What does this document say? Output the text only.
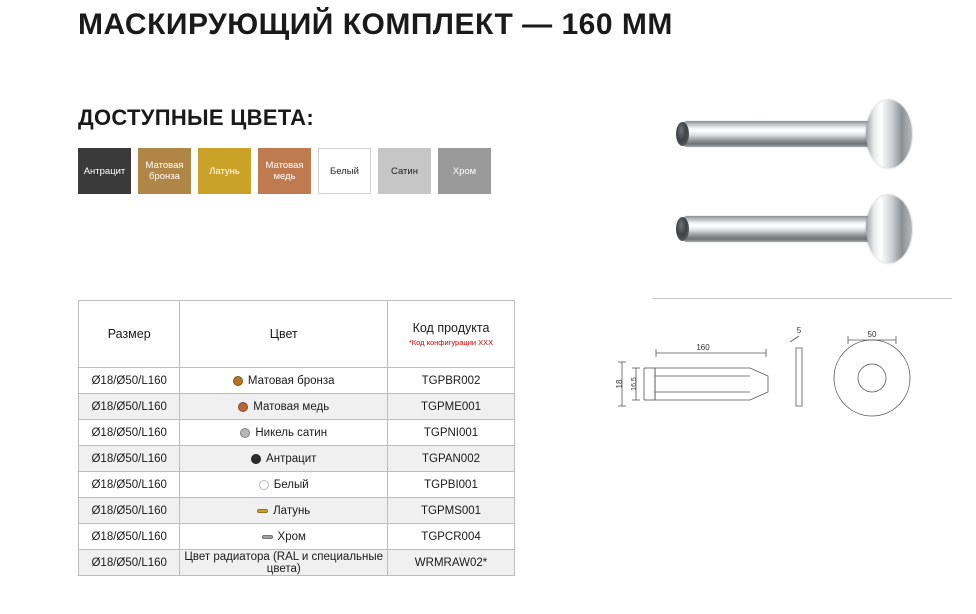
МАСКИРУЮЩИЙ КОМПЛЕКТ — 160 ММ
ДОСТУПНЫЕ ЦВЕТА:
Антрацит	Матовая бронза	Латунь	Матовая медь	Белый	Сатин	Хром
Размер	Цвет	Код продукта
*Код конфигурации XXX

Ø18/Ø50/L160	Матовая бронза	TGPBR002
Ø18/Ø50/L160	Матовая медь	TGPME001
Ø18/Ø50/L160	Никель сатин	TGPNI001
Ø18/Ø50/L160	Антрацит	TGPAN002
Ø18/Ø50/L160	Белый	TGPBI001
Ø18/Ø50/L160	Латунь	TGPMS001
Ø18/Ø50/L160	Хром	TGPCR004
Ø18/Ø50/L160	Цвет радиатора (RAL и специальные цвета)	WRMRAW02*
160
5	50
18 16,5
